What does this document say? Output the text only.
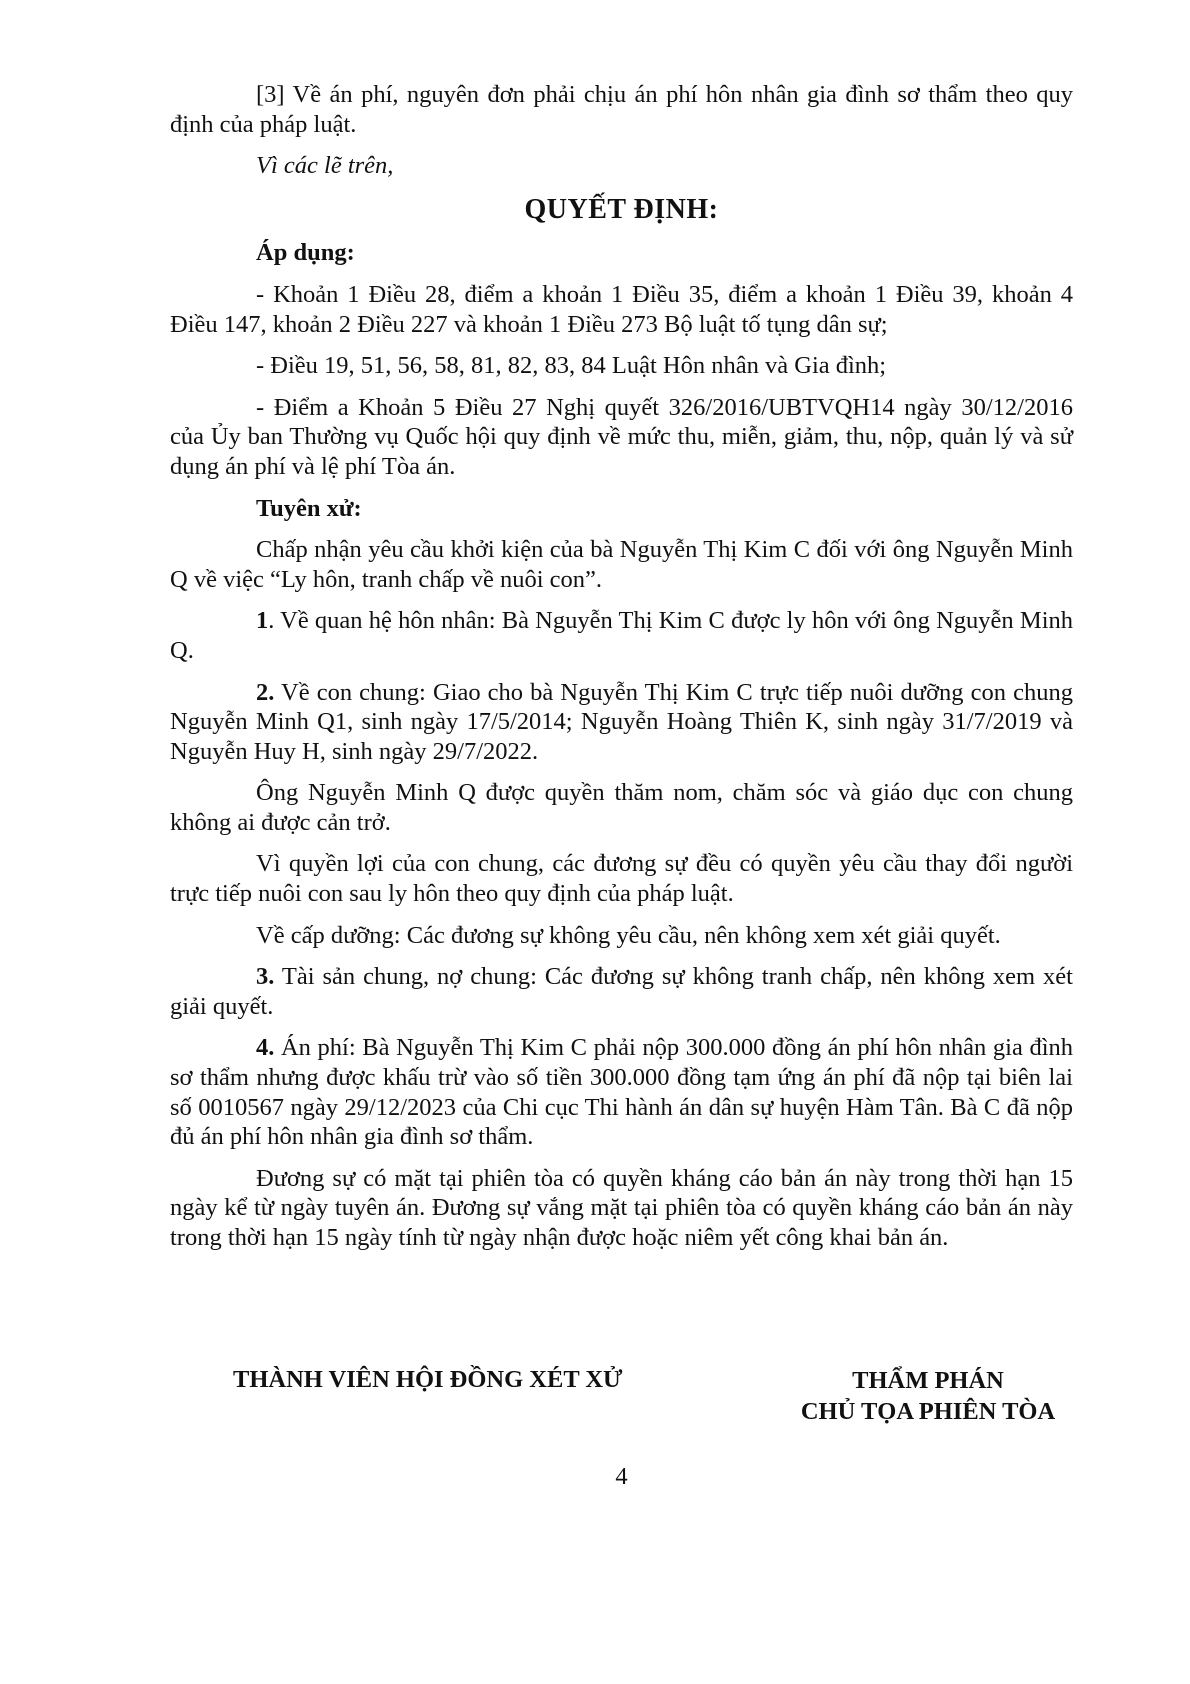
[3] Về án phí, nguyên đơn phải chịu án phí hôn nhân gia đình sơ thẩm theo quy định của pháp luật.

Vì các lẽ trên,

QUYẾT ĐỊNH:
Áp dụng:

- Khoản 1 Điều 28, điểm a khoản 1 Điều 35, điểm a khoản 1 Điều 39, khoản 4 Điều 147, khoản 2 Điều 227 và khoản 1 Điều 273 Bộ luật tố tụng dân sự;

- Điều 19, 51, 56, 58, 81, 82, 83, 84 Luật Hôn nhân và Gia đình;

- Điểm a Khoản 5 Điều 27 Nghị quyết 326/2016/UBTVQH14 ngày 30/12/2016 của Ủy ban Thường vụ Quốc hội quy định về mức thu, miễn, giảm, thu, nộp, quản lý và sử dụng án phí và lệ phí Tòa án.

Tuyên xử:

Chấp nhận yêu cầu khởi kiện của bà Nguyễn Thị Kim C đối với ông Nguyễn Minh Q về việc “Ly hôn, tranh chấp về nuôi con”.

1. Về quan hệ hôn nhân: Bà Nguyễn Thị Kim C được ly hôn với ông Nguyễn Minh Q.

2. Về con chung: Giao cho bà Nguyễn Thị Kim C trực tiếp nuôi dưỡng con chung Nguyễn Minh Q1, sinh ngày 17/5/2014; Nguyễn Hoàng Thiên K, sinh ngày 31/7/2019 và Nguyễn Huy H, sinh ngày 29/7/2022.

Ông Nguyễn Minh Q được quyền thăm nom, chăm sóc và giáo dục con chung không ai được cản trở.

Vì quyền lợi của con chung, các đương sự đều có quyền yêu cầu thay đổi người trực tiếp nuôi con sau ly hôn theo quy định của pháp luật.

Về cấp dưỡng: Các đương sự không yêu cầu, nên không xem xét giải quyết.

3. Tài sản chung, nợ chung: Các đương sự không tranh chấp, nên không xem xét giải quyết.

4. Án phí: Bà Nguyễn Thị Kim C phải nộp 300.000 đồng án phí hôn nhân gia đình sơ thẩm nhưng được khấu trừ vào số tiền 300.000 đồng tạm ứng án phí đã nộp tại biên lai số 0010567 ngày 29/12/2023 của Chi cục Thi hành án dân sự huyện Hàm Tân. Bà C đã nộp đủ án phí hôn nhân gia đình sơ thẩm.

Đương sự có mặt tại phiên tòa có quyền kháng cáo bản án này trong thời hạn 15 ngày kể từ ngày tuyên án. Đương sự vắng mặt tại phiên tòa có quyền kháng cáo bản án này trong thời hạn 15 ngày tính từ ngày nhận được hoặc niêm yết công khai bản án.

THÀNH VIÊN HỘI ĐỒNG XÉT XỬ	THẨM PHÁN
CHỦ TỌA PHIÊN TÒA
4
